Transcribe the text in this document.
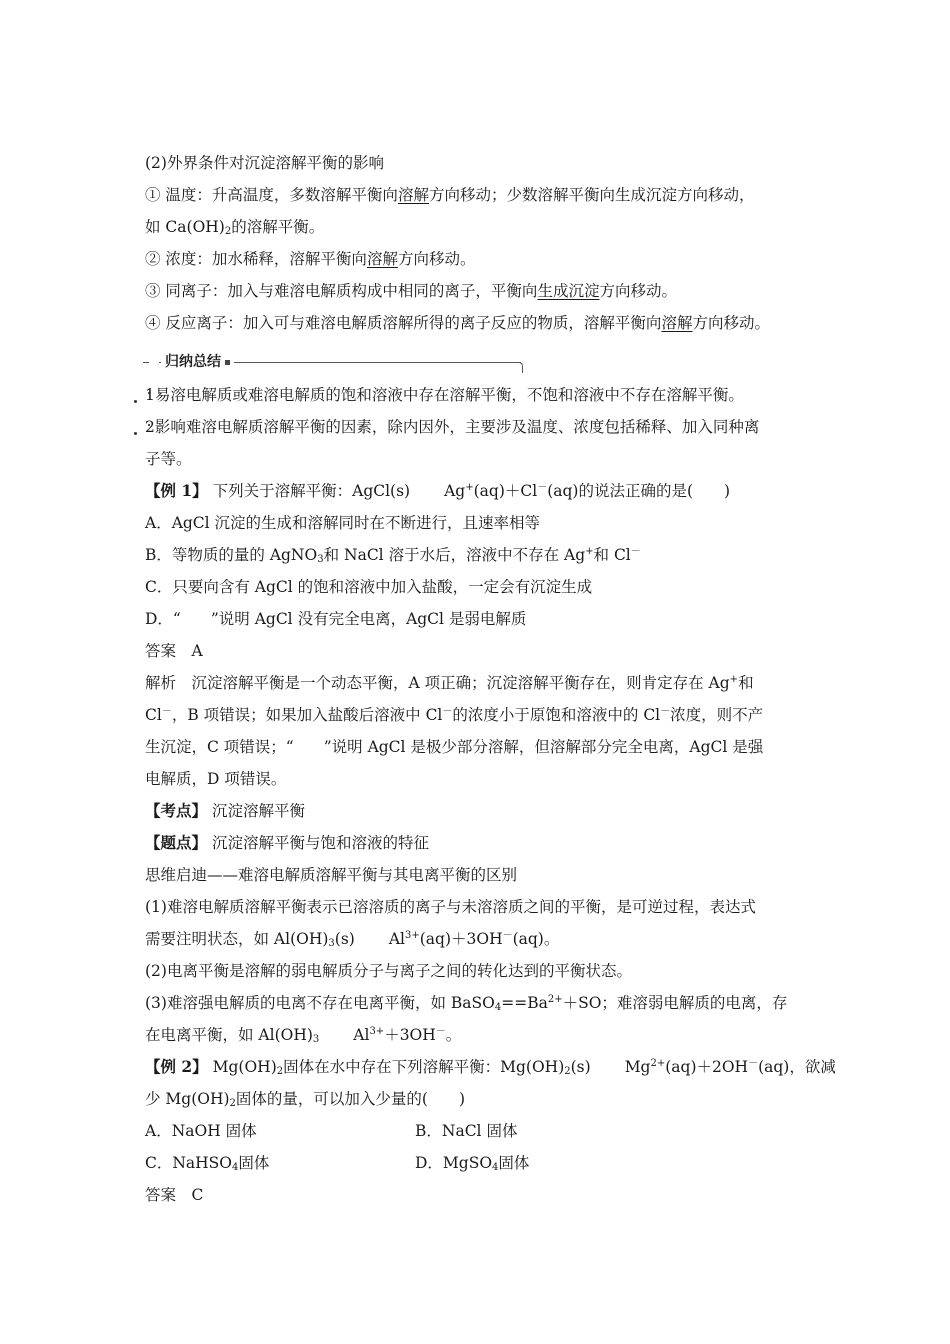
(2)外界条件对沉淀溶解平衡的影响
① 温度：升高温度，多数溶解平衡向溶解方向移动；少数溶解平衡向生成沉淀方向移动，
如 $Ca(OH)_2$的溶解平衡。
② 浓度：加水稀释，溶解平衡向溶解方向移动。
③ 同离子：加入与难溶电解质构成中相同的离子，平衡向生成沉淀方向移动。
④ 反应离子：加入可与难溶电解质溶解所得的离子反应的物质，溶解平衡向溶解方向移动。
归纳总结
1易溶电解质或难溶电解质的饱和溶液中存在溶解平衡，不饱和溶液中不存在溶解平衡。
2影响难溶电解质溶解平衡的因素，除内因外，主要涉及温度、浓度包括稀释、加入同种离
子等。
【例 1】 下列关于溶解平衡：AgCl(s) Ag+(aq)＋Cl－(aq)的说法正确的是(　　)
A．AgCl 沉淀的生成和溶解同时在不断进行，且速率相等
B．等物质的量的 AgNO$_3$和 NaCl 溶于水后，溶液中不存在 Ag+和 Cl－
C．只要向含有 AgCl 的饱和溶液中加入盐酸，一定会有沉淀生成
D．“ ”说明 AgCl 没有完全电离，AgCl 是弱电解质
答案　A
解析　沉淀溶解平衡是一个动态平衡，A 项正确；沉淀溶解平衡存在，则肯定存在 Ag+和
Cl－，B 项错误；如果加入盐酸后溶液中 Cl－的浓度小于原饱和溶液中的 Cl－浓度，则不产
生沉淀，C 项错误；“ ”说明 AgCl 是极少部分溶解，但溶解部分完全电离，AgCl 是强
电解质，D 项错误。
【考点】 沉淀溶解平衡
【题点】 沉淀溶解平衡与饱和溶液的特征
思维启迪——难溶电解质溶解平衡与其电离平衡的区别
(1)难溶电解质溶解平衡表示已溶溶质的离子与未溶溶质之间的平衡，是可逆过程，表达式
需要注明状态，如 $Al(OH)_3(s)$ $Al^{3+}(aq)+3OH^-(aq)$。
(2)电离平衡是溶解的弱电解质分子与离子之间的转化达到的平衡状态。
(3)难溶强电解质的电离不存在电离平衡，如 $BaSO_4==Ba^{2+}+SO$；难溶弱电解质的电离，存
在电离平衡，如 $Al(OH)_3$ $Al^{3+}+3OH^-$。
【例 2】 $Mg(OH)_2$固体在水中存在下列溶解平衡：$Mg(OH)_2(s)$ $Mg^{2+}(aq)+2OH^-(aq)$，欲减
少 $Mg(OH)_2$固体的量，可以加入少量的(　　)
A．NaOH 固体	B．NaCl 固体
C．NaHSO$_4$固体	D．MgSO$_4$固体
答案　C
